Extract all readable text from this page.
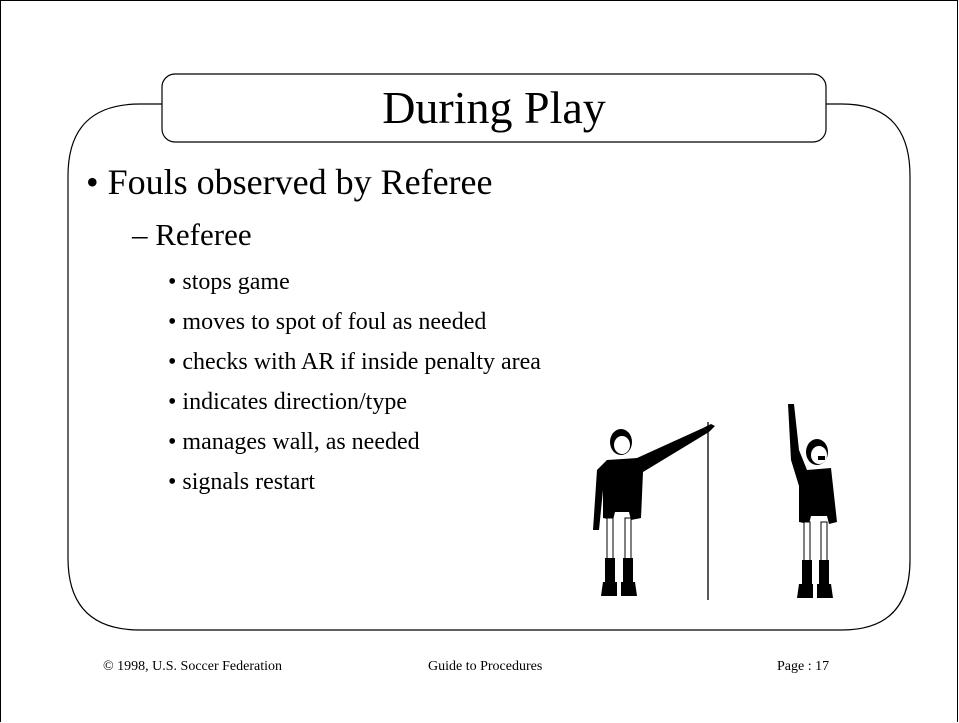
During Play
• Fouls observed by Referee
– Referee
• stops game
• moves to spot of foul as needed
• checks with AR if inside penalty area
• indicates direction/type
• manages wall, as needed
• signals restart
© 1998, U.S. Soccer Federation	Guide to Procedures	Page : 17
